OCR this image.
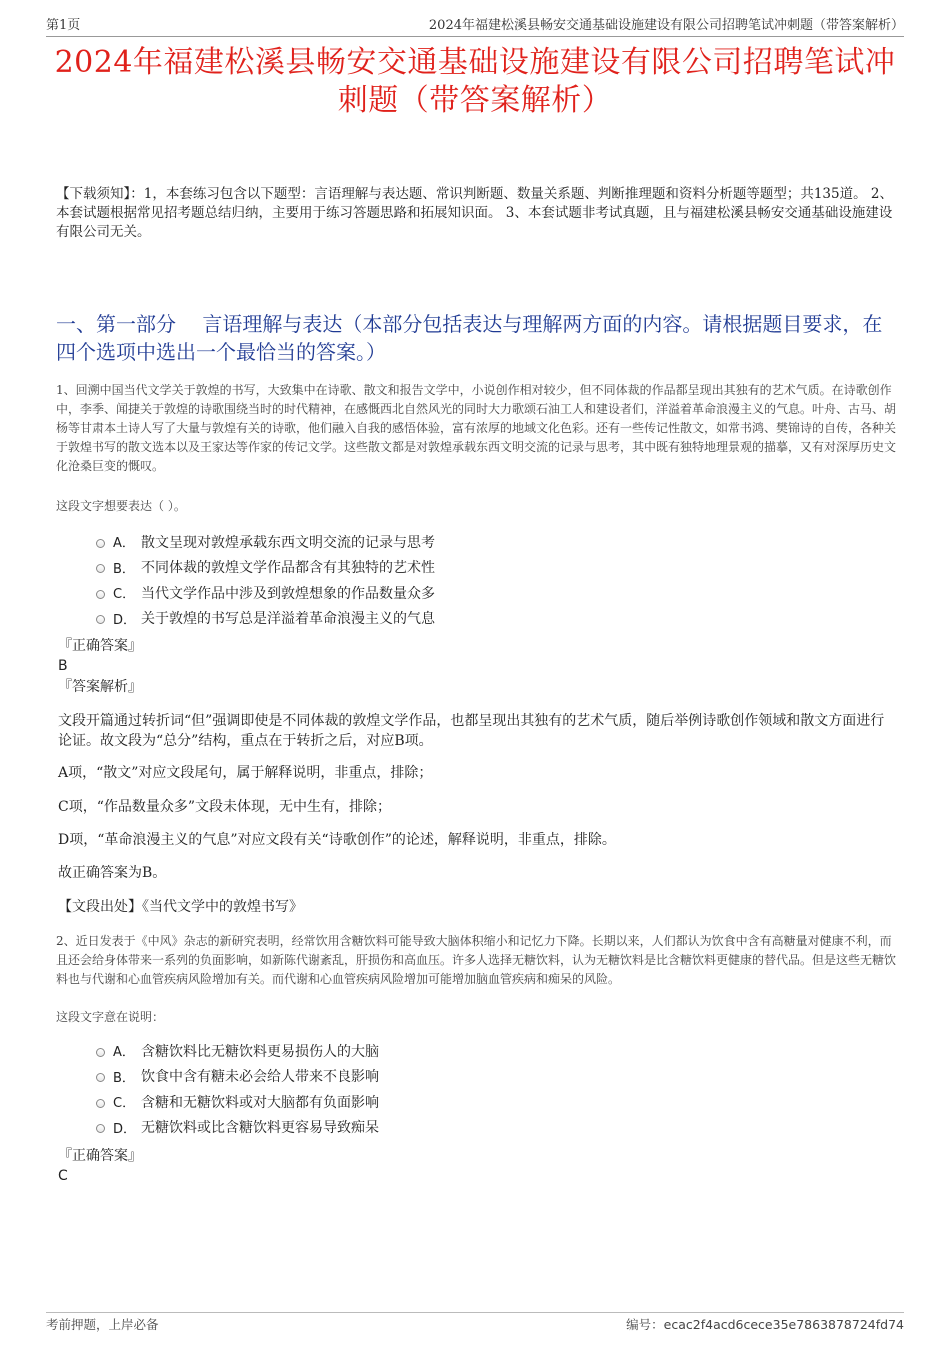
第1页	2024年福建松溪县畅安交通基础设施建设有限公司招聘笔试冲刺题（带答案解析）
2024年福建松溪县畅安交通基础设施建设有限公司招聘笔试冲刺题（带答案解析）
【下载须知】：1，本套练习包含以下题型：言语理解与表达题、常识判断题、数量关系题、判断推理题和资料分析题等题型；共135道。 2、本套试题根据常见招考题总结归纳，主要用于练习答题思路和拓展知识面。 3、本套试题非考试真题，且与福建松溪县畅安交通基础设施建设有限公司无关。
一、第一部分　 言语理解与表达（本部分包括表达与理解两方面的内容。请根据题目要求，在四个选项中选出一个最恰当的答案。）
1、回溯中国当代文学关于敦煌的书写，大致集中在诗歌、散文和报告文学中，小说创作相对较少，但不同体裁的作品都呈现出其独有的艺术气质。在诗歌创作中，李季、闻捷关于敦煌的诗歌围绕当时的时代精神，在感慨西北自然风光的同时大力歌颂石油工人和建设者们，洋溢着革命浪漫主义的气息。叶舟、古马、胡杨等甘肃本土诗人写了大量与敦煌有关的诗歌，他们融入自我的感悟体验，富有浓厚的地域文化色彩。还有一些传记性散文，如常书鸿、樊锦诗的自传，各种关于敦煌书写的散文选本以及王家达等作家的传记文学。这些散文都是对敦煌承载东西文明交流的记录与思考，其中既有独特地理景观的描摹，又有对深厚历史文化沧桑巨变的慨叹。
这段文字想要表达（ ）。
A． 散文呈现对敦煌承载东西文明交流的记录与思考
B． 不同体裁的敦煌文学作品都含有其独特的艺术性
C． 当代文学作品中涉及到敦煌想象的作品数量众多
D． 关于敦煌的书写总是洋溢着革命浪漫主义的气息
『正确答案』
B
『答案解析』
文段开篇通过转折词“但”强调即使是不同体裁的敦煌文学作品，也都呈现出其独有的艺术气质，随后举例诗歌创作领域和散文方面进行论证。故文段为“总分”结构，重点在于转折之后，对应B项。
A项，“散文”对应文段尾句，属于解释说明，非重点，排除；
C项，“作品数量众多”文段未体现，无中生有，排除；
D项，“革命浪漫主义的气息”对应文段有关“诗歌创作”的论述，解释说明，非重点，排除。
故正确答案为B。
【文段出处】《当代文学中的敦煌书写》
2、近日发表于《中风》杂志的新研究表明，经常饮用含糖饮料可能导致大脑体积缩小和记忆力下降。长期以来，人们都认为饮食中含有高糖量对健康不利，而且还会给身体带来一系列的负面影响，如新陈代谢紊乱，肝损伤和高血压。许多人选择无糖饮料，认为无糖饮料是比含糖饮料更健康的替代品。但是这些无糖饮料也与代谢和心血管疾病风险增加有关。而代谢和心血管疾病风险增加可能增加脑血管疾病和痴呆的风险。
这段文字意在说明：
A． 含糖饮料比无糖饮料更易损伤人的大脑
B． 饮食中含有糖未必会给人带来不良影响
C． 含糖和无糖饮料或对大脑都有负面影响
D． 无糖饮料或比含糖饮料更容易导致痴呆
『正确答案』
C
考前押题，上岸必备	编号：ecac2f4acd6cece35e7863878724fd74
